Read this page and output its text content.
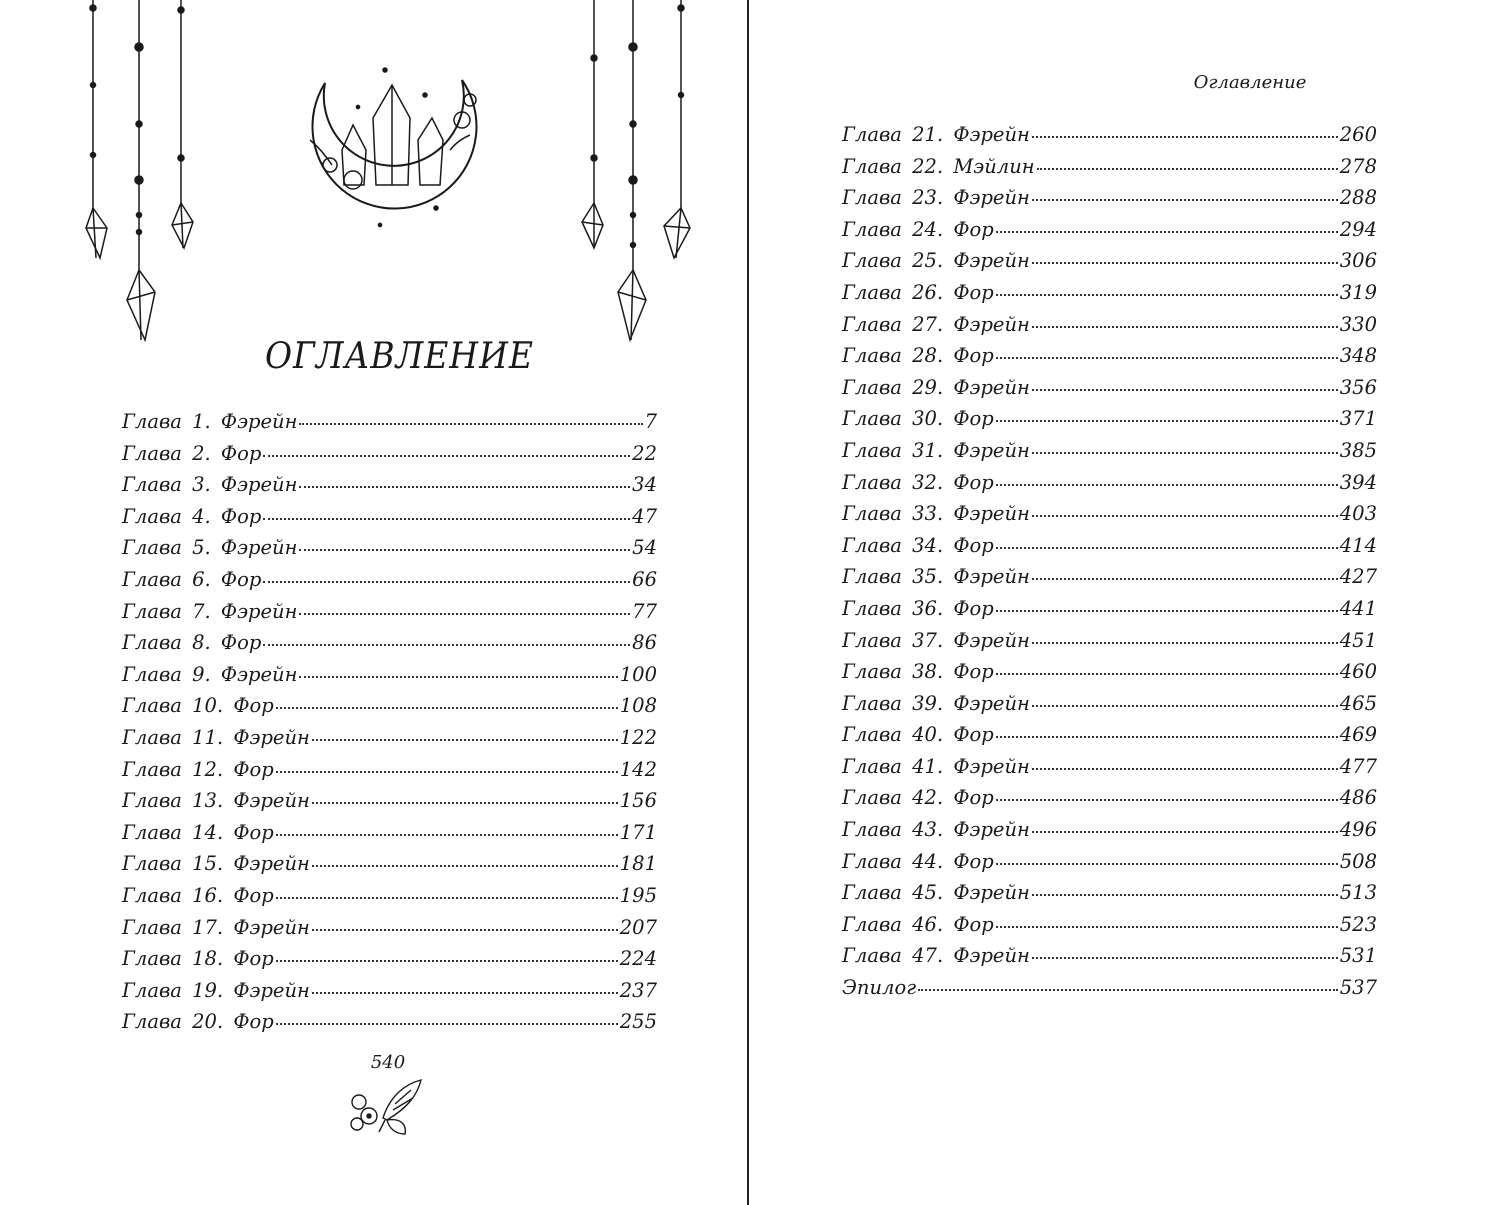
ОГЛАВЛЕНИЕ
Глава 1. Фэрейн	7
Глава 2. Фор	22
Глава 3. Фэрейн	34
Глава 4. Фор	47
Глава 5. Фэрейн	54
Глава 6. Фор	66
Глава 7. Фэрейн	77
Глава 8. Фор	86
Глава 9. Фэрейн	100
Глава 10. Фор	108
Глава 11. Фэрейн	122
Глава 12. Фор	142
Глава 13. Фэрейн	156
Глава 14. Фор	171
Глава 15. Фэрейн	181
Глава 16. Фор	195
Глава 17. Фэрейн	207
Глава 18. Фор	224
Глава 19. Фэрейн	237
Глава 20. Фор	255
540
Оглавление
Глава 21. Фэрейн	260
Глава 22. Мэйлин	278
Глава 23. Фэрейн	288
Глава 24. Фор	294
Глава 25. Фэрейн	306
Глава 26. Фор	319
Глава 27. Фэрейн	330
Глава 28. Фор	348
Глава 29. Фэрейн	356
Глава 30. Фор	371
Глава 31. Фэрейн	385
Глава 32. Фор	394
Глава 33. Фэрейн	403
Глава 34. Фор	414
Глава 35. Фэрейн	427
Глава 36. Фор	441
Глава 37. Фэрейн	451
Глава 38. Фор	460
Глава 39. Фэрейн	465
Глава 40. Фор	469
Глава 41. Фэрейн	477
Глава 42. Фор	486
Глава 43. Фэрейн	496
Глава 44. Фор	508
Глава 45. Фэрейн	513
Глава 46. Фор	523
Глава 47. Фэрейн	531
Эпилог	537
